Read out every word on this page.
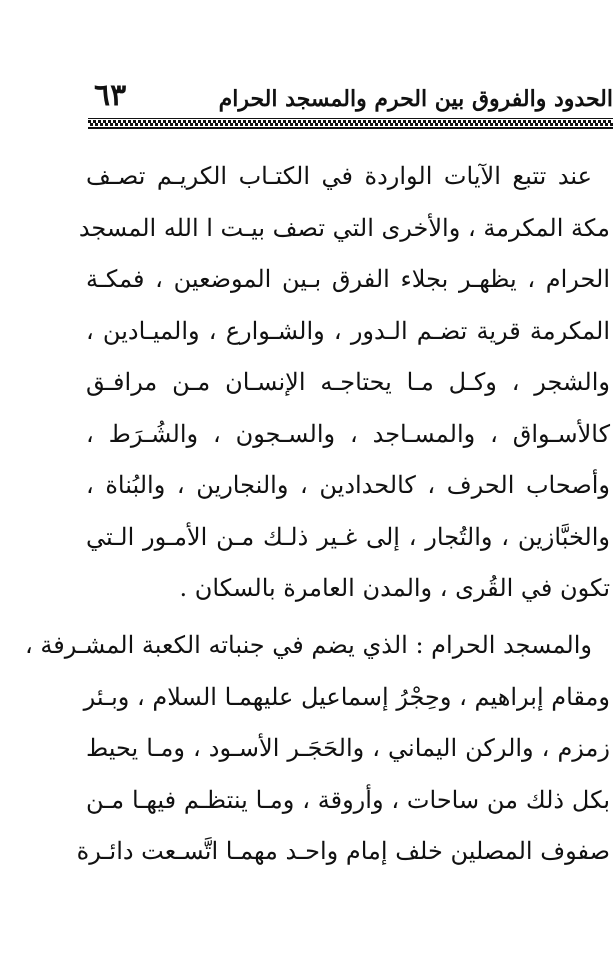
الحدود والفروق بين الحرم والمسجد الحرام
٦٣
عند تتبع الآيات الواردة في الكتـاب الكريـم تصـف
مكة المكرمة ، والأخرى التي تصف بيـت ا الله المسجد
الحرام ، يظهـر بجلاء الفرق بـين الموضعين ، فمكـة
المكرمة قرية تضـم الـدور ، والشـوارع ، والميـادين ،
والشجر ، وكـل مـا يحتاجـه الإنسـان مـن مرافـق
كالأسـواق ، والمسـاجد ، والسـجون ، والشُـرَط ،
وأصحاب الحرف ، كالحدادين ، والنجارين ، والبُناة ،
والخبَّازين ، والتُجار ، إلى غـير ذلـك مـن الأمـور الـتي
تكون في القُرى ، والمدن العامرة بالسكان .
والمسجد الحرام : الذي يضم في جنباته الكعبة المشـرفة ،
ومقام إبراهيم ، وحِجْرُ إسماعيل عليهمـا السلام ، وبـئر
زمزم ، والركن اليماني ، والحَجَـر الأسـود ، ومـا يحيط
بكل ذلك من ساحات ، وأروقة ، ومـا ينتظـم فيهـا مـن
صفوف المصلين خلف إمام واحـد مهمـا اتَّسـعت دائـرة
